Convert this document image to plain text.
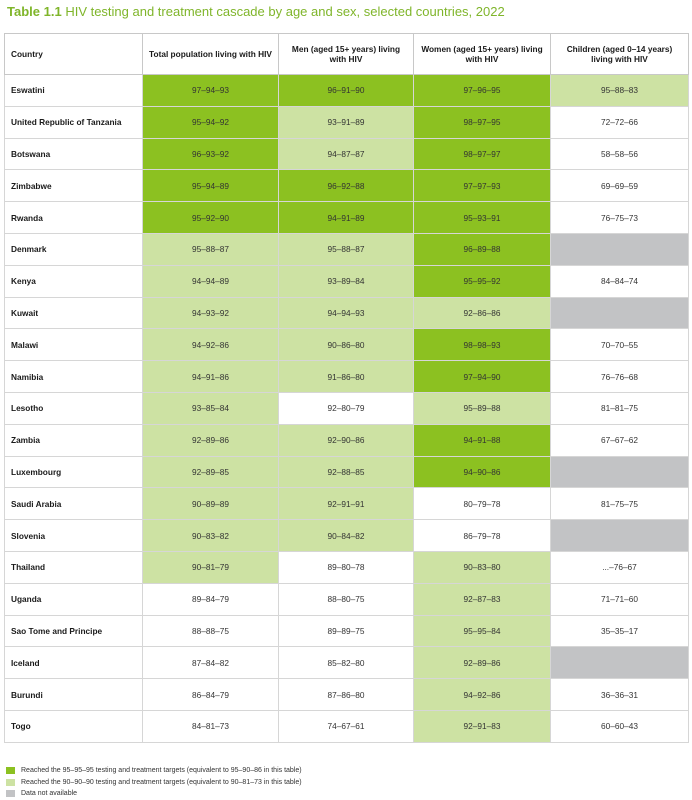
Table 1.1 HIV testing and treatment cascade by age and sex, selected countries, 2022
Country	Total population living with HIV	Men (aged 15+ years) living with HIV	Women (aged 15+ years) living with HIV	Children (aged 0–14 years) living with HIV
Eswatini	97–94–93	96–91–90	97–96–95	95–88–83
United Republic of Tanzania	95–94–92	93–91–89	98–97–95	72–72–66
Botswana	96–93–92	94–87–87	98–97–97	58–58–56
Zimbabwe	95–94–89	96–92–88	97–97–93	69–69–59
Rwanda	95–92–90	94–91–89	95–93–91	76–75–73
Denmark	95–88–87	95–88–87	96–89–88	
Kenya	94–94–89	93–89–84	95–95–92	84–84–74
Kuwait	94–93–92	94–94–93	92–86–86	
Malawi	94–92–86	90–86–80	98–98–93	70–70–55
Namibia	94–91–86	91–86–80	97–94–90	76–76–68
Lesotho	93–85–84	92–80–79	95–89–88	81–81–75
Zambia	92–89–86	92–90–86	94–91–88	67–67–62
Luxembourg	92–89–85	92–88–85	94–90–86	
Saudi Arabia	90–89–89	92–91–91	80–79–78	81–75–75
Slovenia	90–83–82	90–84–82	86–79–78	
Thailand	90–81–79	89–80–78	90–83–80	...–76–67
Uganda	89–84–79	88–80–75	92–87–83	71–71–60
Sao Tome and Principe	88–88–75	89–89–75	95–95–84	35–35–17
Iceland	87–84–82	85–82–80	92–89–86	
Burundi	86–84–79	87–86–80	94–92–86	36–36–31
Togo	84–81–73	74–67–61	92–91–83	60–60–43
Reached the 95–95–95 testing and treatment targets (equivalent to 95–90–86 in this table)
Reached the 90–90–90 testing and treatment targets (equivalent to 90–81–73 in this table)
Data not available
